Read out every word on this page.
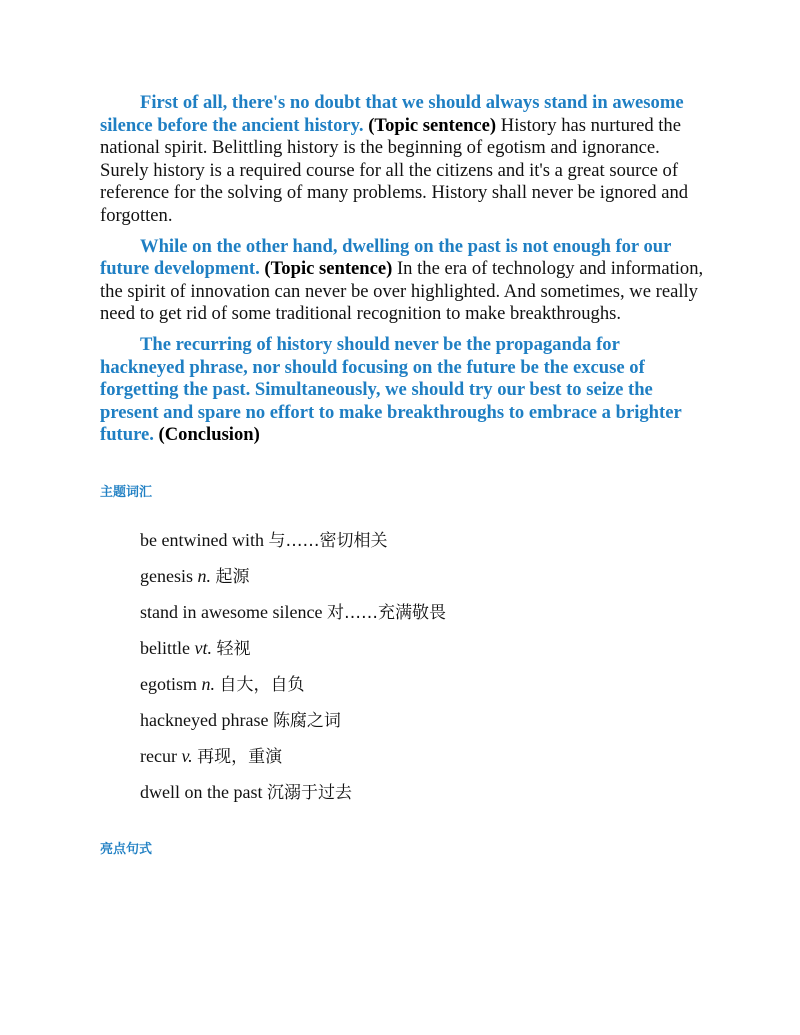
First of all, there's no doubt that we should always stand in awesome silence before the ancient history. (Topic sentence) History has nurtured the national spirit. Belittling history is the beginning of egotism and ignorance. Surely history is a required course for all the citizens and it's a great source of reference for the solving of many problems. History shall never be ignored and forgotten.

While on the other hand, dwelling on the past is not enough for our future development. (Topic sentence) In the era of technology and information, the spirit of innovation can never be over highlighted. And sometimes, we really need to get rid of some traditional recognition to make breakthroughs.

The recurring of history should never be the propaganda for hackneyed phrase, nor should focusing on the future be the excuse of forgetting the past. Simultaneously, we should try our best to seize the present and spare no effort to make breakthroughs to embrace a brighter future. (Conclusion)

主题词汇
be entwined with 与……密切相关
genesis n. 起源
stand in awesome silence 对……充满敬畏
belittle vt. 轻视
egotism n. 自大，自负
hackneyed phrase 陈腐之词
recur v. 再现，重演
dwell on the past 沉溺于过去
亮点句式
